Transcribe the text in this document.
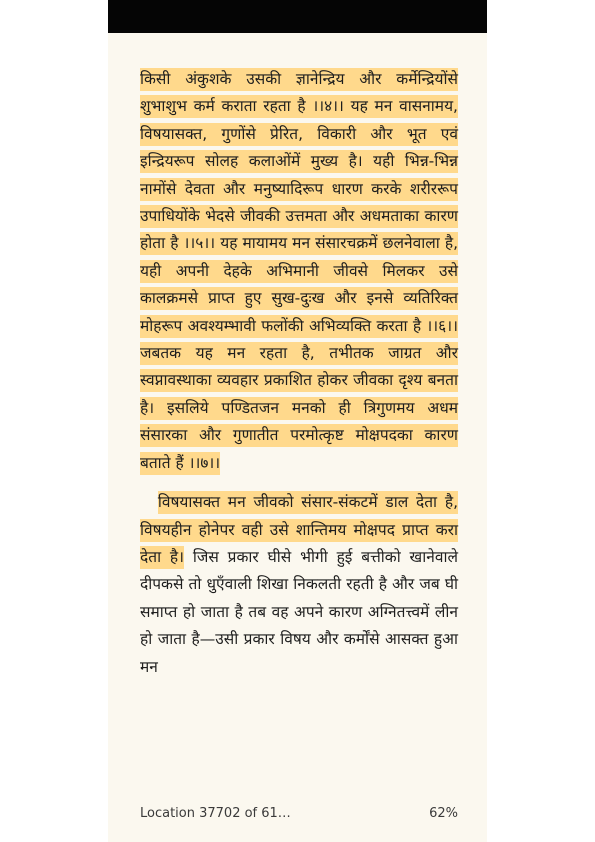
किसी अंकुशके उसकी ज्ञानेन्द्रिय और कर्मेन्द्रियोंसे शुभाशुभ कर्म कराता रहता है ।।४।। यह मन वासनामय, विषयासक्त, गुणोंसे प्रेरित, विकारी और भूत एवं इन्द्रियरूप सोलह कलाओंमें मुख्य है। यही भिन्न-भिन्न नामोंसे देवता और मनुष्यादिरूप धारण करके शरीररूप उपाधियोंके भेदसे जीवकी उत्तमता और अधमताका कारण होता है ।।५।। यह मायामय मन संसारचक्रमें छलनेवाला है, यही अपनी देहके अभिमानी जीवसे मिलकर उसे कालक्रमसे प्राप्त हुए सुख-दुःख और इनसे व्यतिरिक्त मोहरूप अवश्यम्भावी फलोंकी अभिव्यक्ति करता है ।।६।। जबतक यह मन रहता है, तभीतक जाग्रत और स्वप्नावस्थाका व्यवहार प्रकाशित होकर जीवका दृश्य बनता है। इसलिये पण्डितजन मनको ही त्रिगुणमय अधम संसारका और गुणातीत परमोत्कृष्ट मोक्षपदका कारण बताते हैं ।।७।।

विषयासक्त मन जीवको संसार-संकटमें डाल देता है, विषयहीन होनेपर वही उसे शान्तिमय मोक्षपद प्राप्त करा देता है। जिस प्रकार घीसे भीगी हुई बत्तीको खानेवाले दीपकसे तो धुएँवाली शिखा निकलती रहती है और जब घी समाप्त हो जाता है तब वह अपने कारण अग्नितत्त्वमें लीन हो जाता है—उसी प्रकार विषय और कर्मोंसे आसक्त हुआ मन

Location 37702 of 61…	62%
